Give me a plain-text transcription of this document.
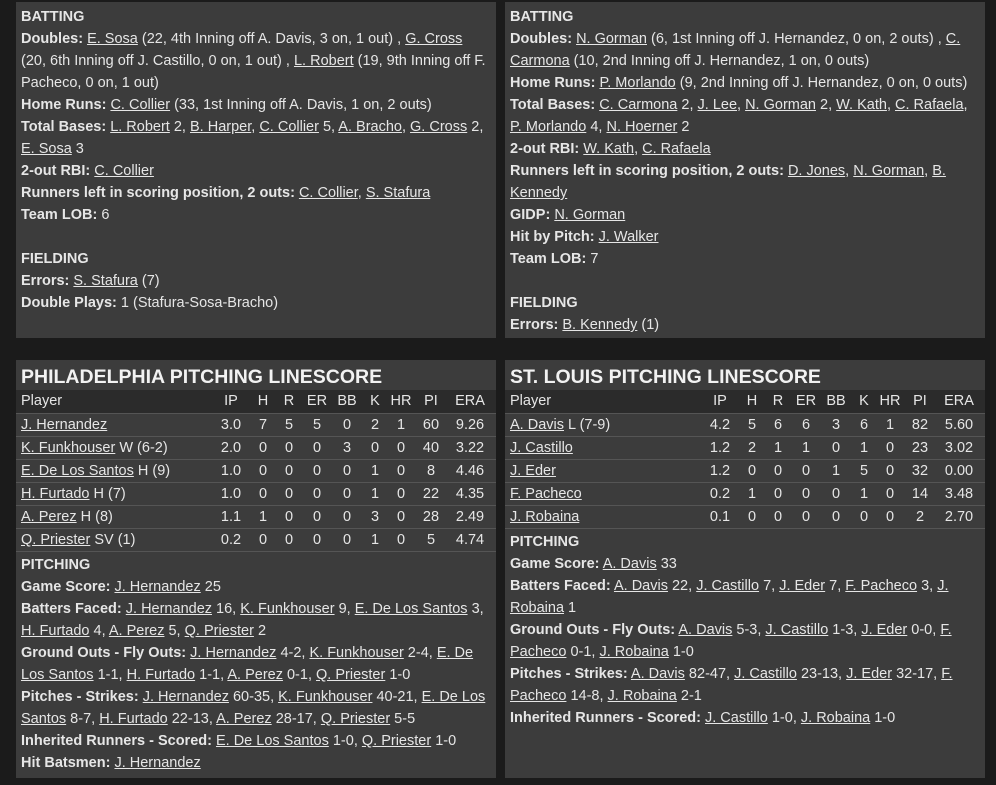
BATTING
Doubles: E. Sosa (22, 4th Inning off A. Davis, 3 on, 1 out) , G. Cross (20, 6th Inning off J. Castillo, 0 on, 1 out) , L. Robert (19, 9th Inning off F. Pacheco, 0 on, 1 out)
Home Runs: C. Collier (33, 1st Inning off A. Davis, 1 on, 2 outs)
Total Bases: L. Robert 2, B. Harper, C. Collier 5, A. Bracho, G. Cross 2, E. Sosa 3
2-out RBI: C. Collier
Runners left in scoring position, 2 outs: C. Collier, S. Stafura
Team LOB: 6
FIELDING
Errors: S. Stafura (7)
Double Plays: 1 (Stafura-Sosa-Bracho)
BATTING
Doubles: N. Gorman (6, 1st Inning off J. Hernandez, 0 on, 2 outs) , C. Carmona (10, 2nd Inning off J. Hernandez, 1 on, 0 outs)
Home Runs: P. Morlando (9, 2nd Inning off J. Hernandez, 0 on, 0 outs)
Total Bases: C. Carmona 2, J. Lee, N. Gorman 2, W. Kath, C. Rafaela, P. Morlando 4, N. Hoerner 2
2-out RBI: W. Kath, C. Rafaela
Runners left in scoring position, 2 outs: D. Jones, N. Gorman, B. Kennedy
GIDP: N. Gorman
Hit by Pitch: J. Walker
Team LOB: 7
FIELDING
Errors: B. Kennedy (1)
PHILADELPHIA PITCHING LINESCORE
Player	IP	H	R	ER	BB	K	HR	PI	ERA
J. Hernandez	3.0	7	5	5	0	2	1	60	9.26
K. Funkhouser W (6-2)	2.0	0	0	0	3	0	0	40	3.22
E. De Los Santos H (9)	1.0	0	0	0	0	1	0	8	4.46
H. Furtado H (7)	1.0	0	0	0	0	1	0	22	4.35
A. Perez H (8)	1.1	1	0	0	0	3	0	28	2.49
Q. Priester SV (1)	0.2	0	0	0	0	1	0	5	4.74
PITCHING
Game Score: J. Hernandez 25
Batters Faced: J. Hernandez 16, K. Funkhouser 9, E. De Los Santos 3, H. Furtado 4, A. Perez 5, Q. Priester 2
Ground Outs - Fly Outs: J. Hernandez 4-2, K. Funkhouser 2-4, E. De Los Santos 1-1, H. Furtado 1-1, A. Perez 0-1, Q. Priester 1-0
Pitches - Strikes: J. Hernandez 60-35, K. Funkhouser 40-21, E. De Los Santos 8-7, H. Furtado 22-13, A. Perez 28-17, Q. Priester 5-5
Inherited Runners - Scored: E. De Los Santos 1-0, Q. Priester 1-0
Hit Batsmen: J. Hernandez
ST. LOUIS PITCHING LINESCORE
Player	IP	H	R	ER	BB	K	HR	PI	ERA
A. Davis L (7-9)	4.2	5	6	6	3	6	1	82	5.60
J. Castillo	1.2	2	1	1	0	1	0	23	3.02
J. Eder	1.2	0	0	0	1	5	0	32	0.00
F. Pacheco	0.2	1	0	0	0	1	0	14	3.48
J. Robaina	0.1	0	0	0	0	0	0	2	2.70
PITCHING
Game Score: A. Davis 33
Batters Faced: A. Davis 22, J. Castillo 7, J. Eder 7, F. Pacheco 3, J. Robaina 1
Ground Outs - Fly Outs: A. Davis 5-3, J. Castillo 1-3, J. Eder 0-0, F. Pacheco 0-1, J. Robaina 1-0
Pitches - Strikes: A. Davis 82-47, J. Castillo 23-13, J. Eder 32-17, F. Pacheco 14-8, J. Robaina 2-1
Inherited Runners - Scored: J. Castillo 1-0, J. Robaina 1-0
